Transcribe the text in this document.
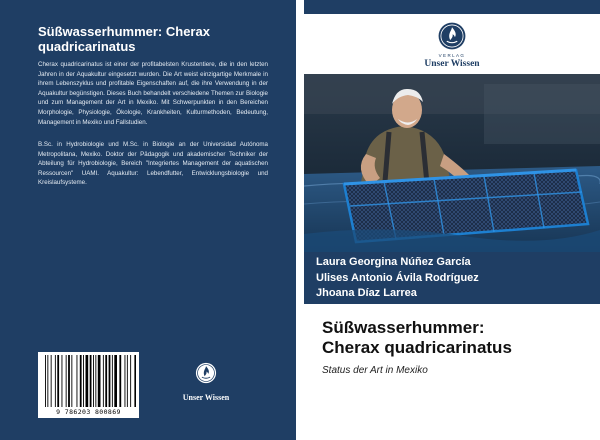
Süßwasserhummer: Cherax quadricarinatus

Cherax quadricarinatus ist einer der profitabelsten Krustentiere, die in den letzten Jahren in der Aquakultur eingesetzt wurden. Die Art weist einzigartige Merkmale in ihrem Lebenszyklus und profitable Eigenschaften auf, die ihre Verwendung in der Aquakultur begünstigen. Dieses Buch behandelt verschiedene Themen zur Biologie und zum Management der Art in Mexiko. Mit Schwerpunkten in den Bereichen Morphologie, Physiologie, Ökologie, Krankheiten, Kulturmethoden, Bedeutung, Management in Mexiko und Fallstudien.

B.Sc. in Hydrobiologie und M.Sc. in Biologie an der Universidad Autónoma Metropolitana, Mexiko. Doktor der Pädagogik und akademischer Techniker der Abteilung für Hydrobiologie, Bereich "Integriertes Management der aquatischen Ressourcen" UAMI. Aquakultur: Lebendfutter, Entwicklungsbiologie und Kreislaufsysteme.

9 786203 800869
Unser Wissen
VERLAG
Unser Wissen
Laura Georgina Núñez García
Ulises Antonio Ávila Rodríguez
Jhoana Díaz Larrea
Süßwasserhummer:
Cherax quadricarinatus
Status der Art in Mexiko
